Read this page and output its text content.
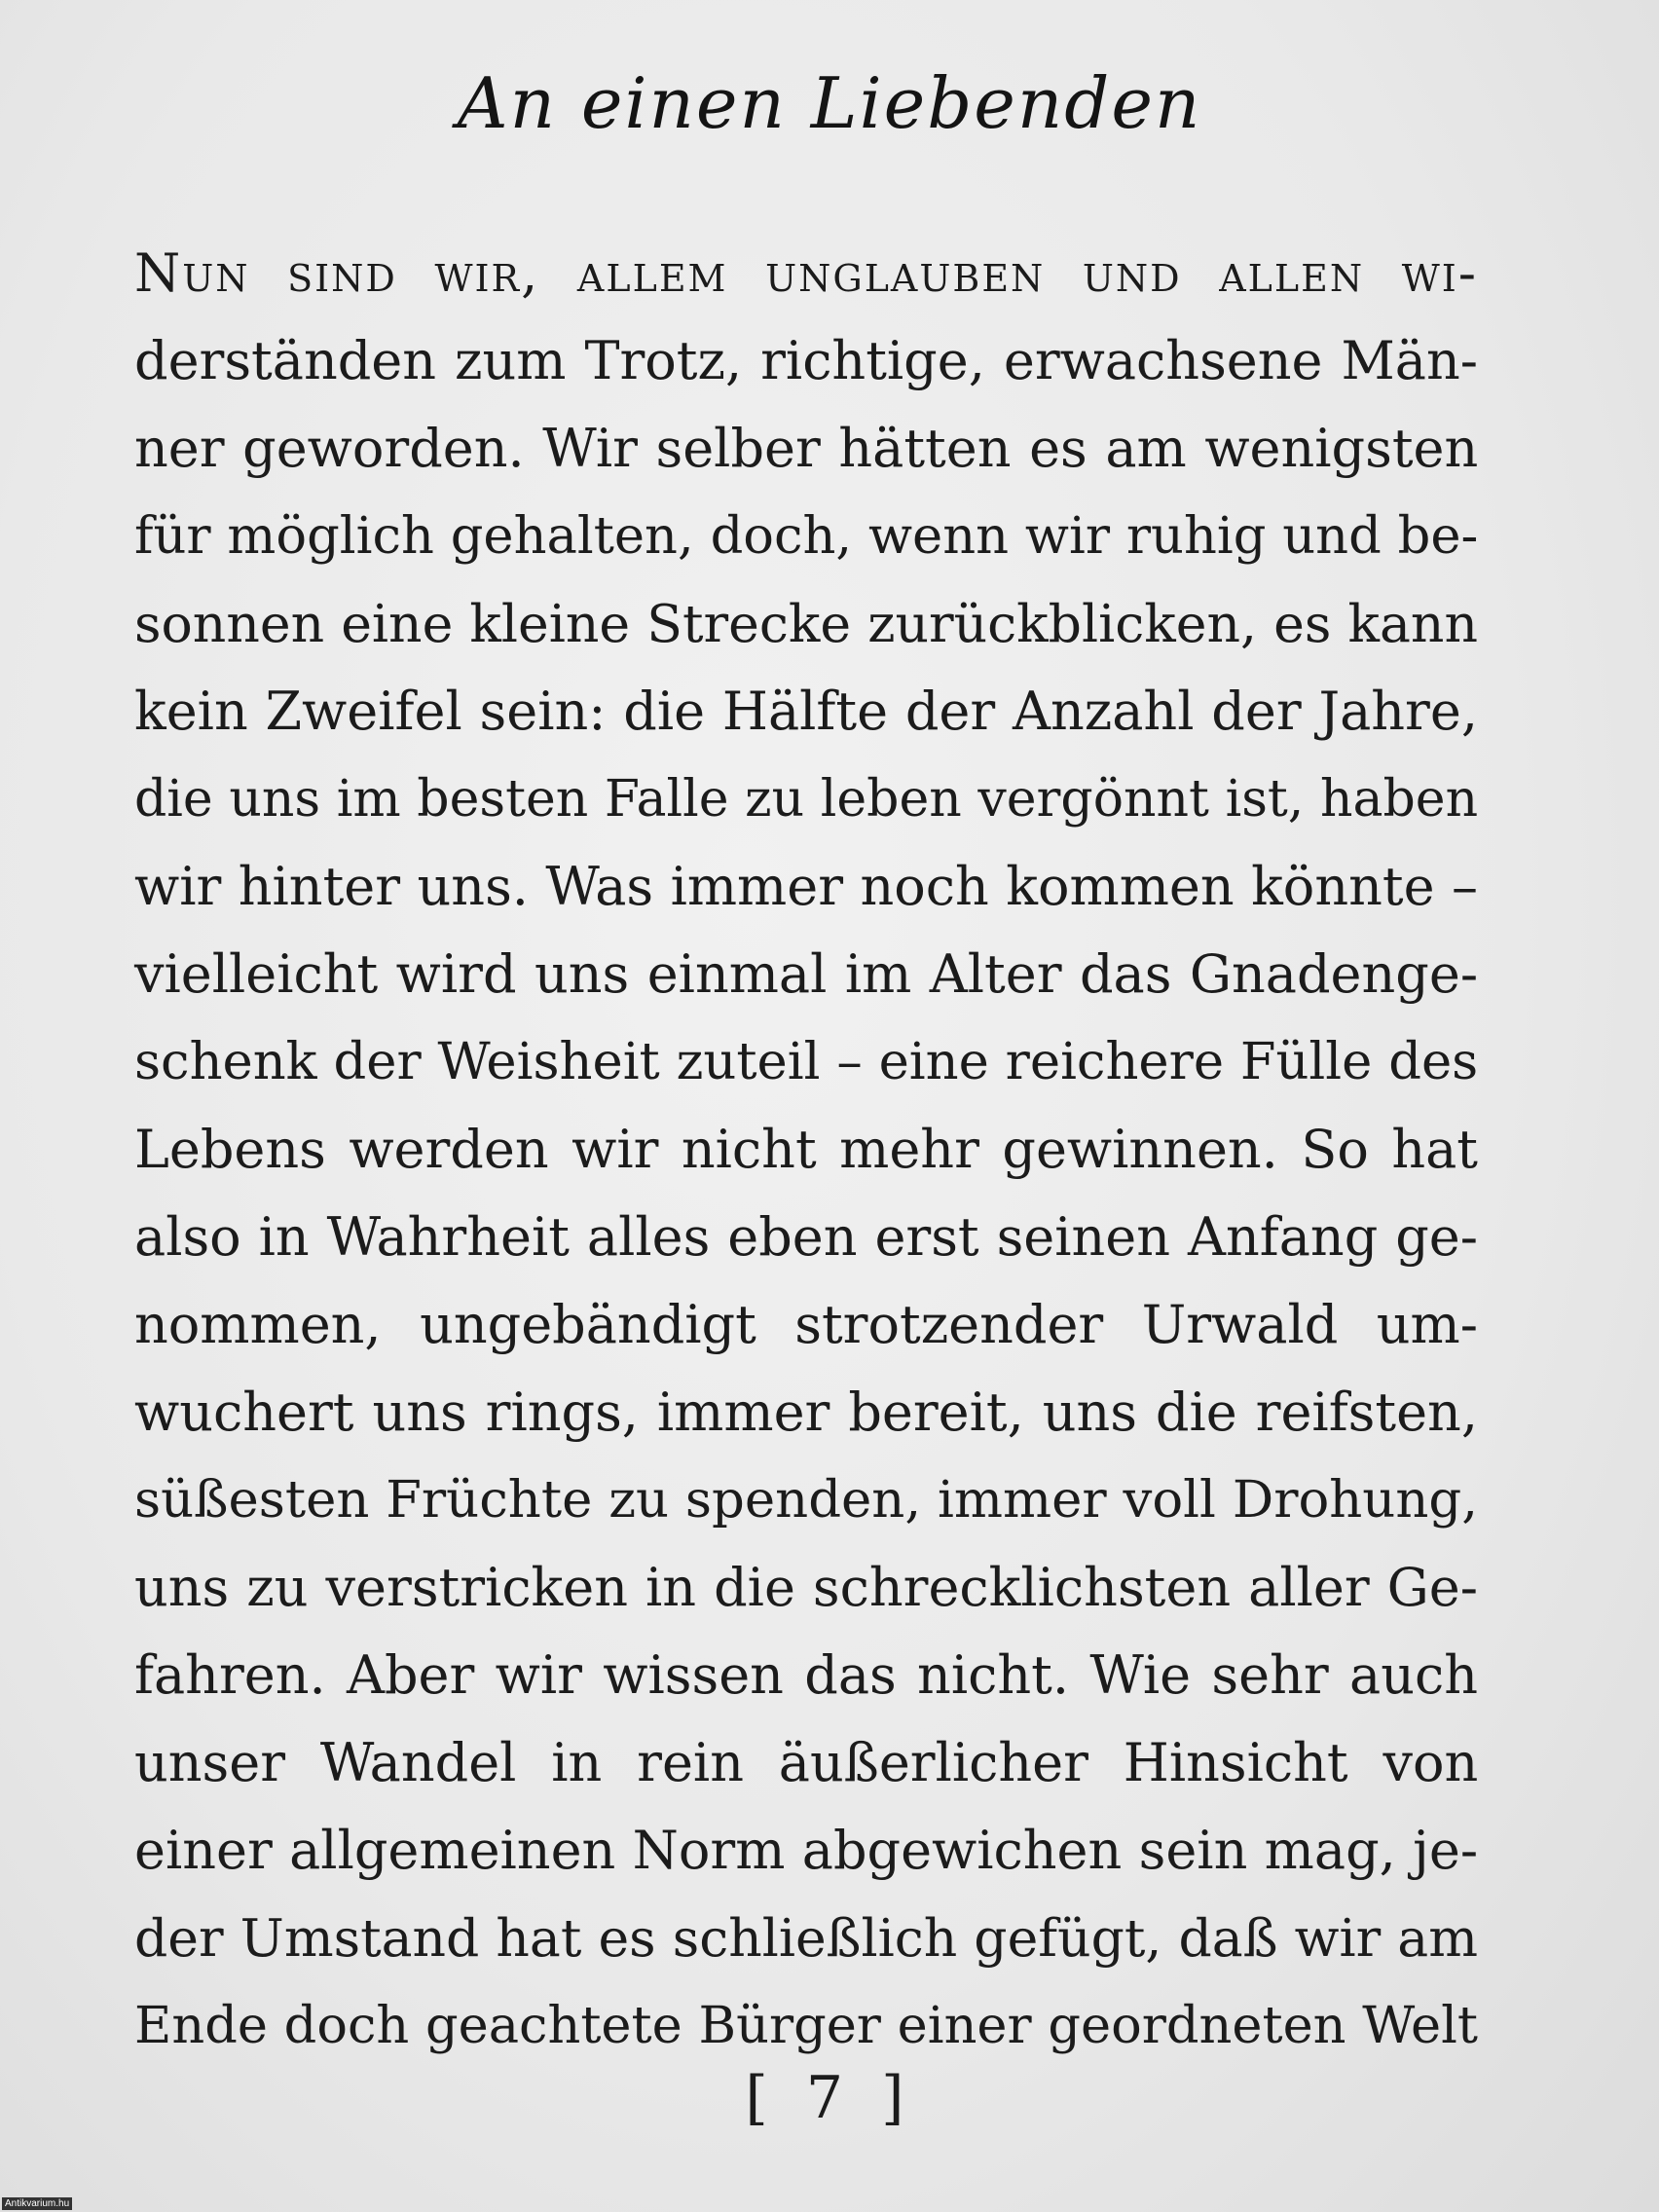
An einen Liebenden
Nun sind wir, allem unglauben und allen wi-
derständen zum Trotz, richtige, erwachsene Män-
ner geworden. Wir selber hätten es am wenigsten
für möglich gehalten, doch, wenn wir ruhig und be-
sonnen eine kleine Strecke zurückblicken, es kann
kein Zweifel sein: die Hälfte der Anzahl der Jahre,
die uns im besten Falle zu leben vergönnt ist, haben
wir hinter uns. Was immer noch kommen könnte –
vielleicht wird uns einmal im Alter das Gnadenge-
schenk der Weisheit zuteil – eine reichere Fülle des
Lebens werden wir nicht mehr gewinnen. So hat
also in Wahrheit alles eben erst seinen Anfang ge-
nommen, ungebändigt strotzender Urwald um-
wuchert uns rings, immer bereit, uns die reifsten,
süßesten Früchte zu spenden, immer voll Drohung,
uns zu verstricken in die schrecklichsten aller Ge-
fahren. Aber wir wissen das nicht. Wie sehr auch
unser Wandel in rein äußerlicher Hinsicht von
einer allgemeinen Norm abgewichen sein mag, je-
der Umstand hat es schließlich gefügt, daß wir am
Ende doch geachtete Bürger einer geordneten Welt
[ 7 ]
Antikvarium.hu
